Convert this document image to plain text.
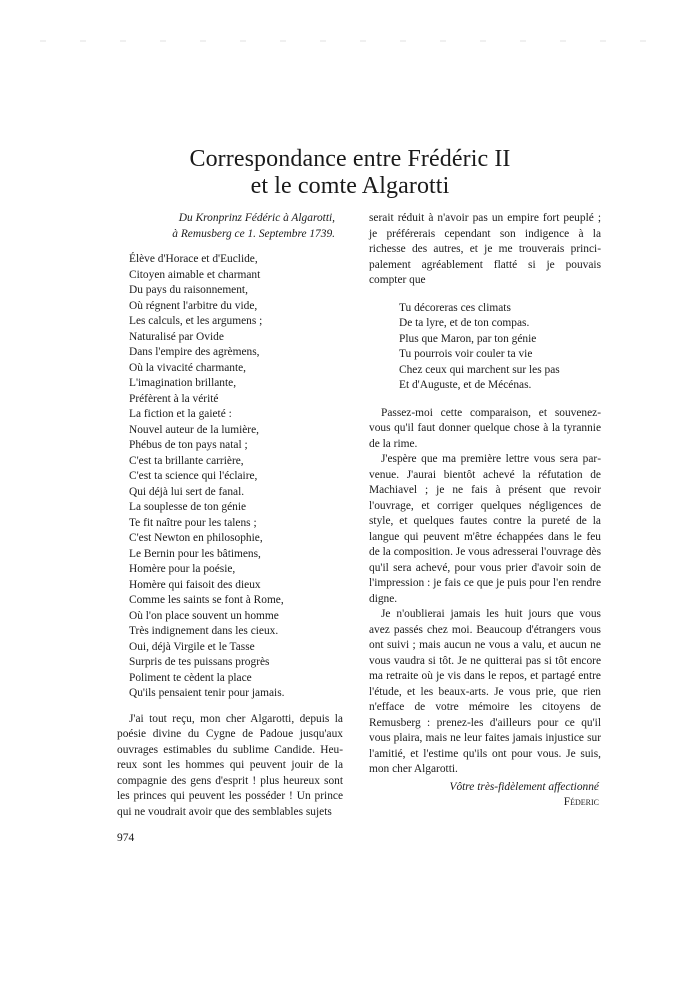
Correspondance entre Frédéric II
et le comte Algarotti
Du Kronprinz Fédéric à Algarotti,
à Remusberg ce 1. Septembre 1739.
Élève d'Horace et d'Euclide,
Citoyen aimable et charmant
Du pays du raisonnement,
Où régnent l'arbitre du vide,
Les calculs, et les argumens ;
Naturalisé par Ovide
Dans l'empire des agrèmens,
Où la vivacité charmante,
L'imagination brillante,
Préfèrent à la vérité
La fiction et la gaieté :
Nouvel auteur de la lumière,
Phébus de ton pays natal ;
C'est ta brillante carrière,
C'est ta science qui l'éclaire,
Qui déjà lui sert de fanal.
La souplesse de ton génie
Te fit naître pour les talens ;
C'est Newton en philosophie,
Le Bernin pour les bâtimens,
Homère pour la poésie,
Homère qui faisoit des dieux
Comme les saints se font à Rome,
Où l'on place souvent un homme
Très indignement dans les cieux.
Oui, déjà Virgile et le Tasse
Surpris de tes puissans progrès
Poliment te cèdent la place
Qu'ils pensaient tenir pour jamais.

J'ai tout reçu, mon cher Algarotti, depuis la poésie divine du Cygne de Padoue jusqu'aux ouvrages estimables du sublime Candide. Heureux sont les hommes qui peuvent jouir de la compagnie des gens d'esprit ! plus heureux sont les princes qui peuvent les posséder ! Un prince qui ne voudrait avoir que des semblables sujets

serait réduit à n'avoir pas un empire fort peuplé ; je préférerais cependant son indigence à la richesse des autres, et je me trouverais principalement agréablement flatté si je pouvais compter que

Tu décoreras ces climats
De ta lyre, et de ton compas.
Plus que Maron, par ton génie
Tu pourrois voir couler ta vie
Chez ceux qui marchent sur les pas
Et d'Auguste, et de Mécénas.

Passez-moi cette comparaison, et souvenez-vous qu'il faut donner quelque chose à la tyrannie de la rime.

J'espère que ma première lettre vous sera parvenue. J'aurai bientôt achevé la réfutation de Machiavel ; je ne fais à présent que revoir l'ouvrage, et corriger quelques négligences de style, et quelques fautes contre la pureté de la langue qui peuvent m'être échappées dans le feu de la composition. Je vous adresserai l'ouvrage dès qu'il sera achevé, pour vous prier d'avoir soin de l'impression : je fais ce que je puis pour l'en rendre digne.

Je n'oublierai jamais les huit jours que vous avez passés chez moi. Beaucoup d'étrangers vous ont suivi ; mais aucun ne vous a valu, et aucun ne vous vaudra si tôt. Je ne quitterai pas si tôt encore ma retraite où je vis dans le repos, et partagé entre l'étude, et les beaux-arts. Je vous prie, que rien n'efface de votre mémoire les citoyens de Remusberg : prenez-les d'ailleurs pour ce qu'il vous plaira, mais ne leur faites jamais injustice sur l'amitié, et l'estime qu'ils ont pour vous. Je suis, mon cher Algarotti.

Vôtre très-fidèlement affectionné
Féderic
974
